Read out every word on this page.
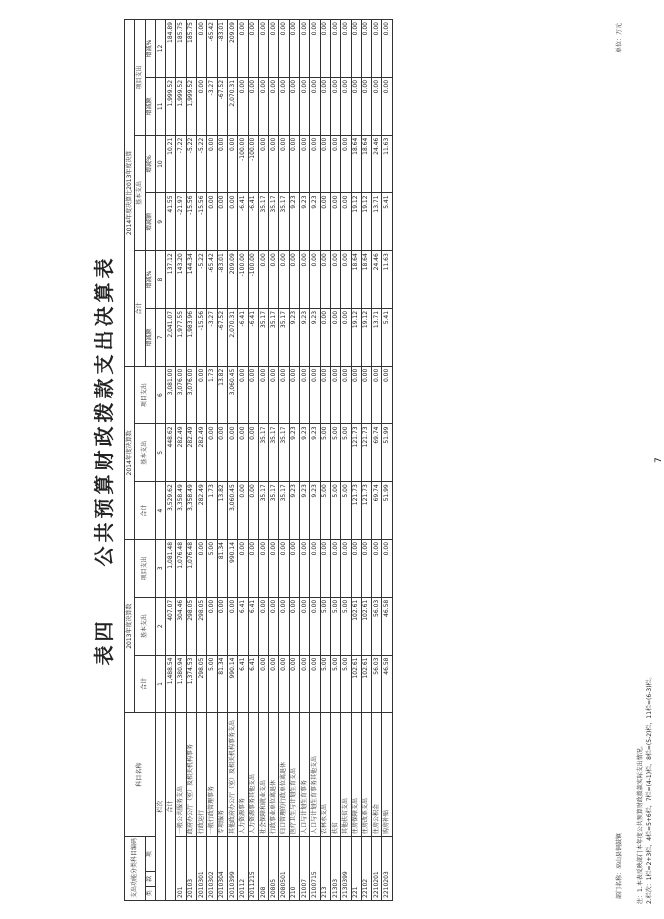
表四 公共预算财政拨款支出决算表
支出功能分类科目编码			科目名称	2013年度决算数			2014年度决算数			2014年度决算比2013年度决算					
				合计	基本支出	项目支出	合计	基本支出	项目支出	合计		基本支出		项目支出	
类	款	项								增减额	增减%	增减额	增减%	增减额	增减%

栏次				1	2	3	4	5	6	7	8	9	10	11	12
合计				1,488.54	407.07	1,081.48	3,529.62	448.62	3,081.00	2,041.07	137.12	41.55	10.21	1,999.52	184.89
201			一般公共服务支出	1,380.94	304.46	1,076.48	3,358.49	282.49	3,076.00	1,977.55	143.20	-21.97	-7.22	1,999.52	185.75
20103			政府办公厅（室）及相关机构事务	1,374.53	298.05	1,076.48	3,358.49	282.49	3,076.00	1,983.96	144.34	-15.56	-5.22	1,999.52	185.75
2010301			行政运行	298.05	298.05	0.00	282.49	282.49	0.00	-15.56	-5.22	-15.56	-5.22	0.00	0.00
2010302			一般行政管理事务	5.00	0.00	5.00	1.73	0.00	1.73	-3.27	-65.42	0.00	0.00	-3.27	-65.42
2010304			专项服务	81.34	0.00	81.34	13.82	0.00	13.82	-67.52	-83.01	0.00	0.00	-67.52	-83.01
2010399			其他政府办公厅（室）及相关机构事务支出	990.14	0.00	990.14	3,060.45	0.00	3,060.45	2,070.31	209.09	0.00	0.00	2,070.31	209.09
20112			人力资源事务	6.41	6.41	0.00	0.00	0.00	0.00	-6.41	-100.00	-6.41	-100.00	0.00	0.00
2011215			人力资源事务其他支出	6.41	6.41	0.00	0.00	0.00	0.00	-6.41	-100.00	-6.41	-100.00	0.00	0.00
208			社会保障和就业支出	0.00	0.00	0.00	35.17	35.17	0.00	35.17	0.00	35.17	0.00	0.00	0.00
20805			行政事业单位离退休	0.00	0.00	0.00	35.17	35.17	0.00	35.17	0.00	35.17	0.00	0.00	0.00
2080501			归口管理的行政单位离退休	0.00	0.00	0.00	35.17	35.17	0.00	35.17	0.00	35.17	0.00	0.00	0.00
210			医疗卫生与计划生育支出	0.00	0.00	0.00	9.23	9.23	0.00	9.23	0.00	9.23	0.00	0.00	0.00
21007			人口与计划生育事务	0.00	0.00	0.00	9.23	9.23	0.00	9.23	0.00	9.23	0.00	0.00	0.00
2100715			人口与计划生育事务其他支出	0.00	0.00	0.00	9.23	9.23	0.00	9.23	0.00	9.23	0.00	0.00	0.00
213			农林水支出	5.00	5.00	0.00	5.00	5.00	0.00	0.00	0.00	0.00	0.00	0.00	0.00
21303			扶贫	5.00	5.00	0.00	5.00	5.00	0.00	0.00	0.00	0.00	0.00	0.00	0.00
2130399			其他扶贫支出	5.00	5.00	0.00	5.00	5.00	0.00	0.00	0.00	0.00	0.00	0.00	0.00
221			住房保障支出	102.61	102.61	0.00	121.73	121.73	0.00	19.12	18.64	19.12	18.64	0.00	0.00
22102			住房改革支出	102.61	102.61	0.00	121.73	121.73	0.00	19.12	18.64	19.12	18.64	0.00	0.00
2210201			住房公积金	56.03	56.03	0.00	69.74	69.74	0.00	13.71	24.46	13.71	24.46	0.00	0.00
2210203			购房补贴	46.58	46.58	0.00	51.99	51.99	0.00	5.41	11.63	5.41	11.63	0.00	0.00
部门名称：巫山县铜鼓镇
单位：万元
7
注：1.本表反映部门本年度公共预算财政拨款实际支出情况。 2.栏次：1栏=2+3栏，4栏=5+6栏，7栏=(4-1)栏，8栏=(5-2)栏，11栏=(6-3)栏。
